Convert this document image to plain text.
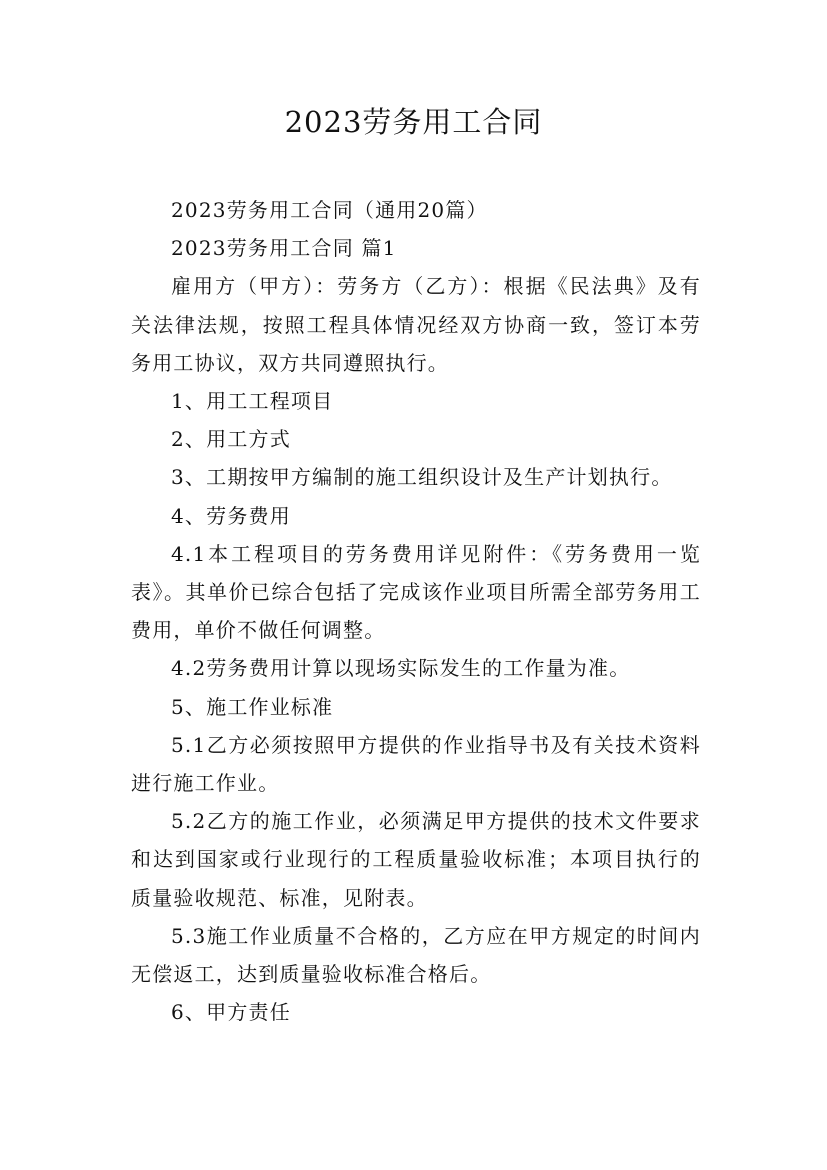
2023劳务用工合同

2023劳务用工合同（通用20篇）

2023劳务用工合同 篇1

雇用方（甲方）：劳务方（乙方）：根据《民法典》及有关法律法规，按照工程具体情况经双方协商一致，签订本劳务用工协议，双方共同遵照执行。

1、用工工程项目

2、用工方式

3、工期按甲方编制的施工组织设计及生产计划执行。

4、劳务费用

4.1本工程项目的劳务费用详见附件：《劳务费用一览表》。其单价已综合包括了完成该作业项目所需全部劳务用工费用，单价不做任何调整。

4.2劳务费用计算以现场实际发生的工作量为准。

5、施工作业标准

5.1乙方必须按照甲方提供的作业指导书及有关技术资料进行施工作业。

5.2乙方的施工作业，必须满足甲方提供的技术文件要求和达到国家或行业现行的工程质量验收标准；本项目执行的质量验收规范、标准，见附表。

5.3施工作业质量不合格的，乙方应在甲方规定的时间内无偿返工，达到质量验收标准合格后。

6、甲方责任
